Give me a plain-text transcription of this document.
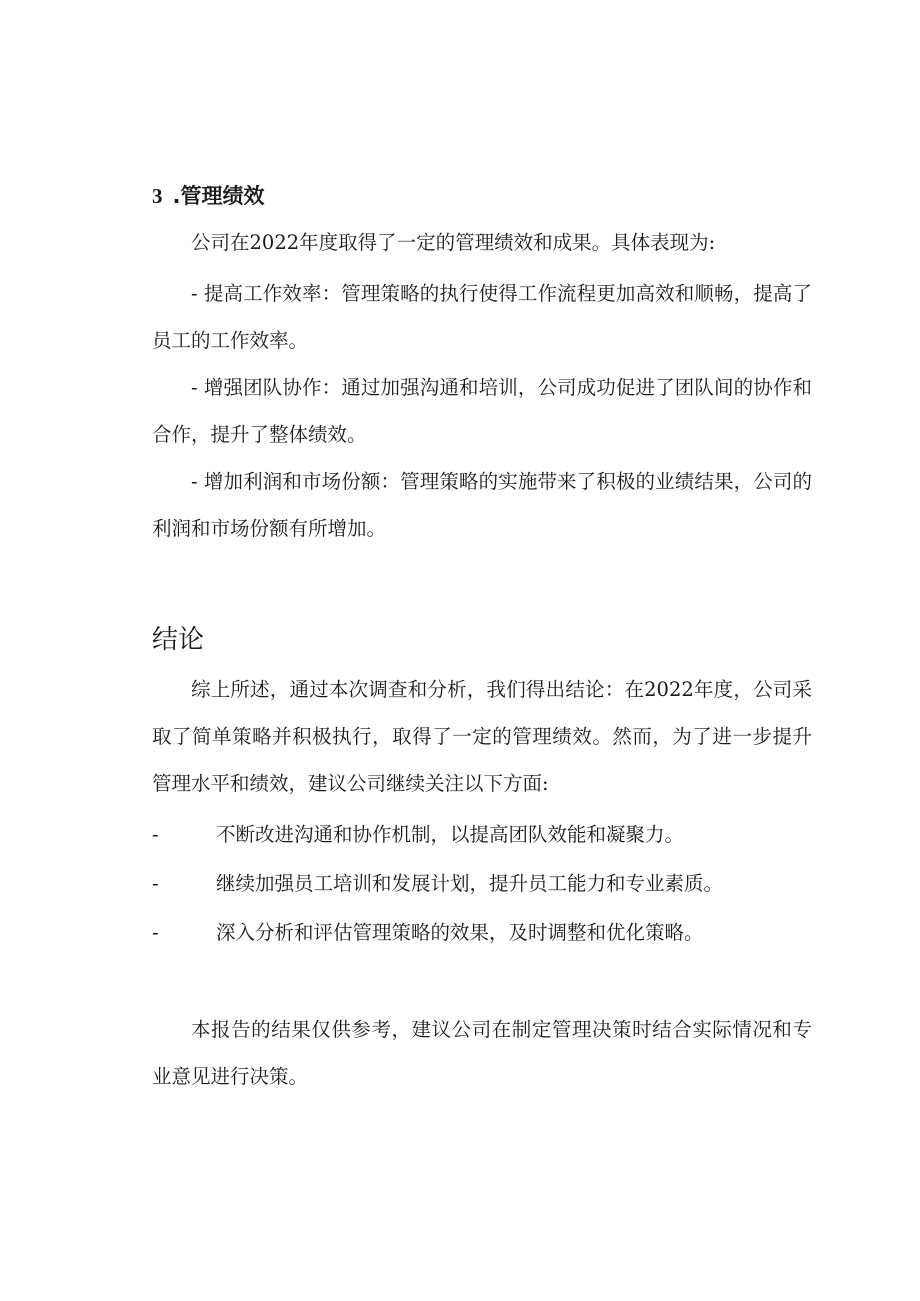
3 .管理绩效
公司在2022年度取得了一定的管理绩效和成果。具体表现为:
- 提高工作效率：管理策略的执行使得工作流程更加高效和顺畅，提高了员工的工作效率。
- 增强团队协作：通过加强沟通和培训，公司成功促进了团队间的协作和合作，提升了整体绩效。
- 增加利润和市场份额：管理策略的实施带来了积极的业绩结果，公司的利润和市场份额有所增加。
结论
综上所述，通过本次调查和分析，我们得出结论：在2022年度，公司采取了简单策略并积极执行，取得了一定的管理绩效。然而，为了进一步提升管理水平和绩效，建议公司继续关注以下方面:
-	不断改进沟通和协作机制，以提高团队效能和凝聚力。
-	继续加强员工培训和发展计划，提升员工能力和专业素质。
-	深入分析和评估管理策略的效果，及时调整和优化策略。
本报告的结果仅供参考，建议公司在制定管理决策时结合实际情况和专业意见进行决策。
